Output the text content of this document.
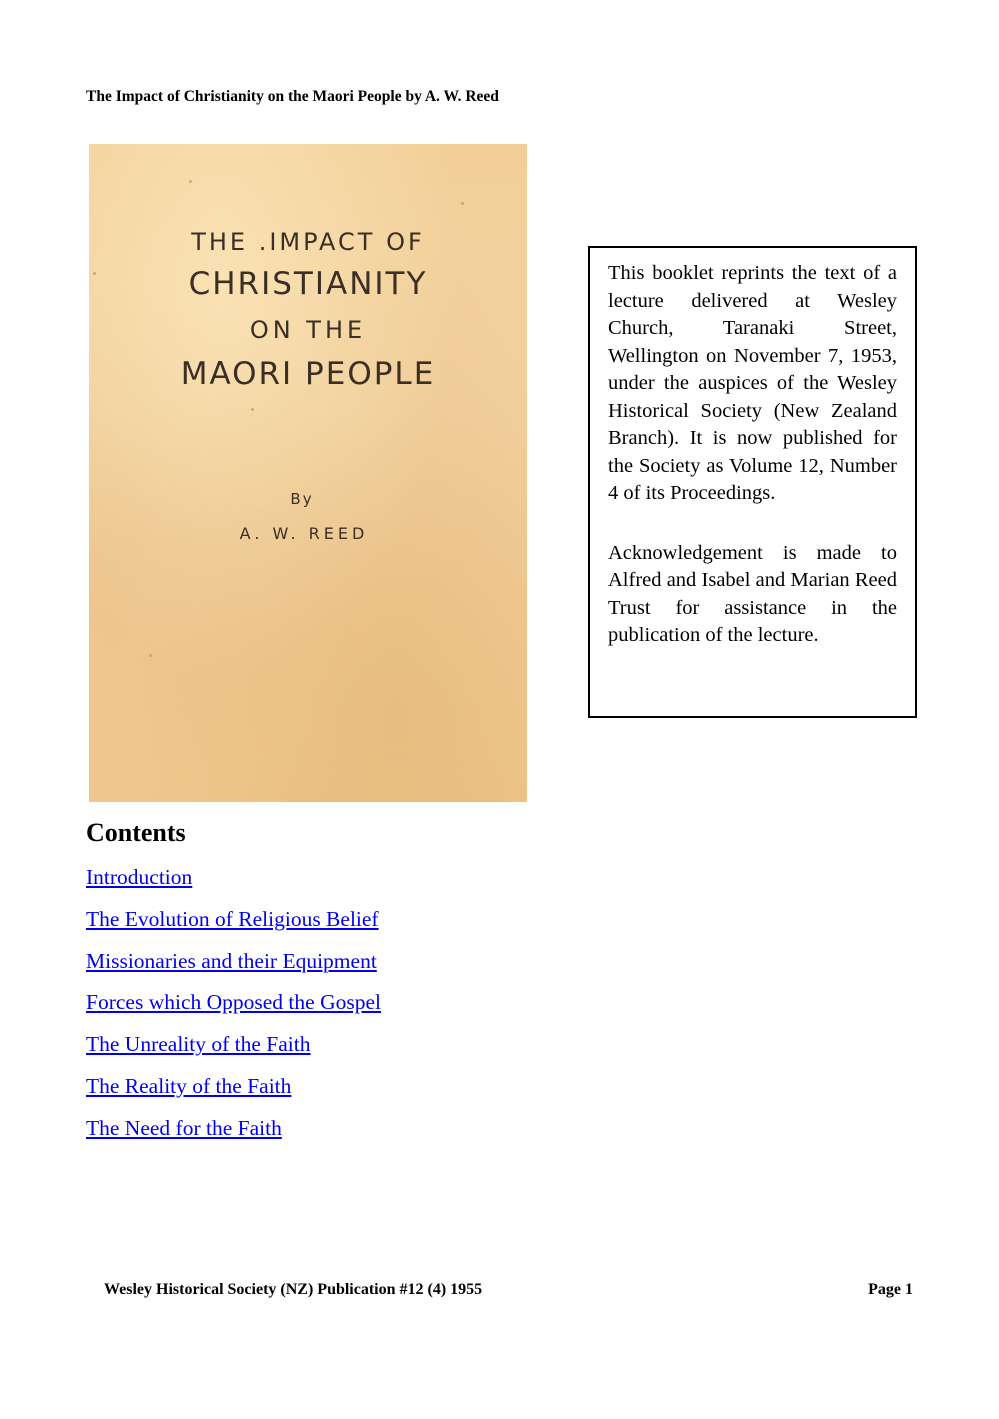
The Impact of Christianity on the Maori People by A. W. Reed
THE .IMPACT OF
CHRISTIANITY
ON THE
MAORI PEOPLE
By
A. W. REED

This booklet reprints the text of a lecture delivered at Wesley Church, Taranaki Street, Wellington on November 7, 1953, under the auspices of the Wesley Historical Society (New Zealand Branch). It is now published for the Society as Volume 12, Number 4 of its Proceedings.

Acknowledgement is made to Alfred and Isabel and Marian Reed Trust for assistance in the publication of the lecture.

Contents
Introduction
The Evolution of Religious Belief
Missionaries and their Equipment
Forces which Opposed the Gospel
The Unreality of the Faith
The Reality of the Faith
The Need for the Faith
Wesley Historical Society (NZ) Publication #12 (4) 1955	Page 1
